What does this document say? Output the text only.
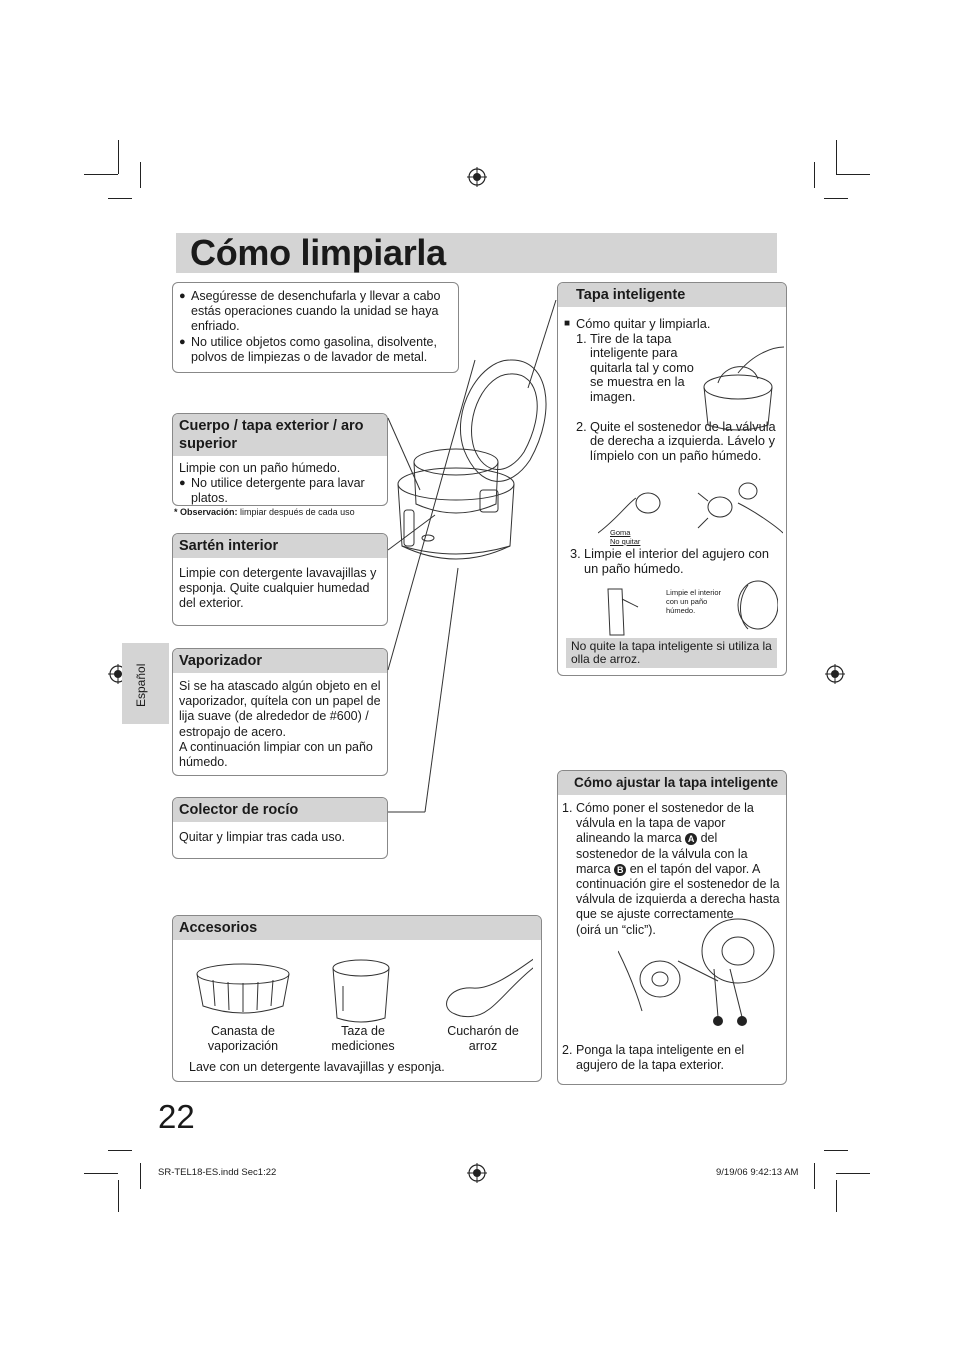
Cómo limpiarla
● Asegúresse de desenchufarla y llevar a cabo estás operaciones cuando la unidad se haya enfriado.
● No utilice objetos como gasolina, disolvente, polvos de limpiezas o de lavador de metal.
Cuerpo / tapa exterior / aro superior
Limpie con un paño húmedo.
● No utilice detergente para lavar platos.
* Observación: limpiar después de cada uso
Sartén interior
Limpie con detergente lavavajillas y esponja. Quite cualquier humedad del exterior.
Vaporizador
Si se ha atascado algún objeto en el vaporizador, quítela con un papel de lija suave (de alrededor de #600) / estropajo de acero.
A continuación limpiar con un paño húmedo.
Colector de rocío
Quitar y limpiar tras cada uso.
Español
Accesorios
Canasta de vaporización
Taza de mediciones
Cucharón de arroz
Lave con un detergente lavavajillas y esponja.
Tapa inteligente
■ Cómo quitar y limpiarla.
1. Tire de la tapa inteligente para quitarla tal y como se muestra en la imagen.
2. Quite el sostenedor de la válvula de derecha a izquierda. Lávelo y límpielo con un paño húmedo.
Goma
No quitar
3. Limpie el interior del agujero con un paño húmedo.
Limpie el interior con un paño húmedo.
No quite la tapa inteligente si utiliza la olla de arroz.
Cómo ajustar la tapa inteligente
1. Cómo poner el sostenedor de la válvula en la tapa de vapor alineando la marca A del sostenedor de la válvula con la marca B en el tapón del vapor. A continuación gire el sostenedor de la válvula de izquierda a derecha hasta que se ajuste correctamente
(oirá un “clic”).
2. Ponga la tapa inteligente en el agujero de la tapa exterior.
22
SR-TEL18-ES.indd Sec1:22	9/19/06 9:42:13 AM
